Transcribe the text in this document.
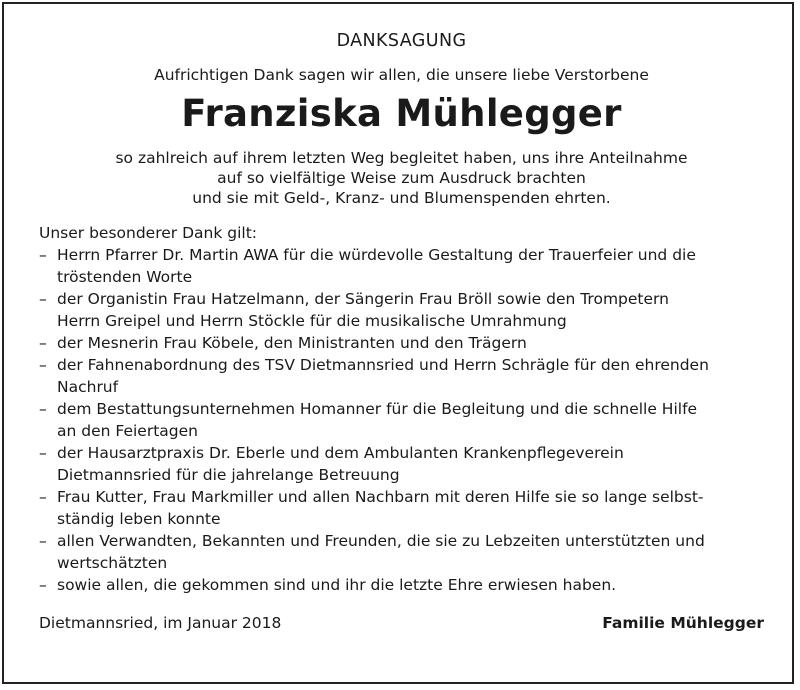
DANKSAGUNG
Aufrichtigen Dank sagen wir allen, die unsere liebe Verstorbene
Franziska Mühlegger
so zahlreich auf ihrem letzten Weg begleitet haben, uns ihre Anteilnahme
auf so vielfältige Weise zum Ausdruck brachten
und sie mit Geld-, Kranz- und Blumenspenden ehrten.
Unser besonderer Dank gilt:
– Herrn Pfarrer Dr. Martin AWA für die würdevolle Gestaltung der Trauerfeier und die
tröstenden Worte
– der Organistin Frau Hatzelmann, der Sängerin Frau Bröll sowie den Trompetern
Herrn Greipel und Herrn Stöckle für die musikalische Umrahmung
– der Mesnerin Frau Köbele, den Ministranten und den Trägern
– der Fahnenabordnung des TSV Dietmannsried und Herrn Schrägle für den ehrenden
Nachruf
– dem Bestattungsunternehmen Homanner für die Begleitung und die schnelle Hilfe
an den Feiertagen
– der Hausarztpraxis Dr. Eberle und dem Ambulanten Krankenpflegeverein
Dietmannsried für die jahrelange Betreuung
– Frau Kutter, Frau Markmiller und allen Nachbarn mit deren Hilfe sie so lange selbst-
ständig leben konnte
– allen Verwandten, Bekannten und Freunden, die sie zu Lebzeiten unterstützten und
wertschätzten
– sowie allen, die gekommen sind und ihr die letzte Ehre erwiesen haben.
Dietmannsried, im Januar 2018	Familie Mühlegger
